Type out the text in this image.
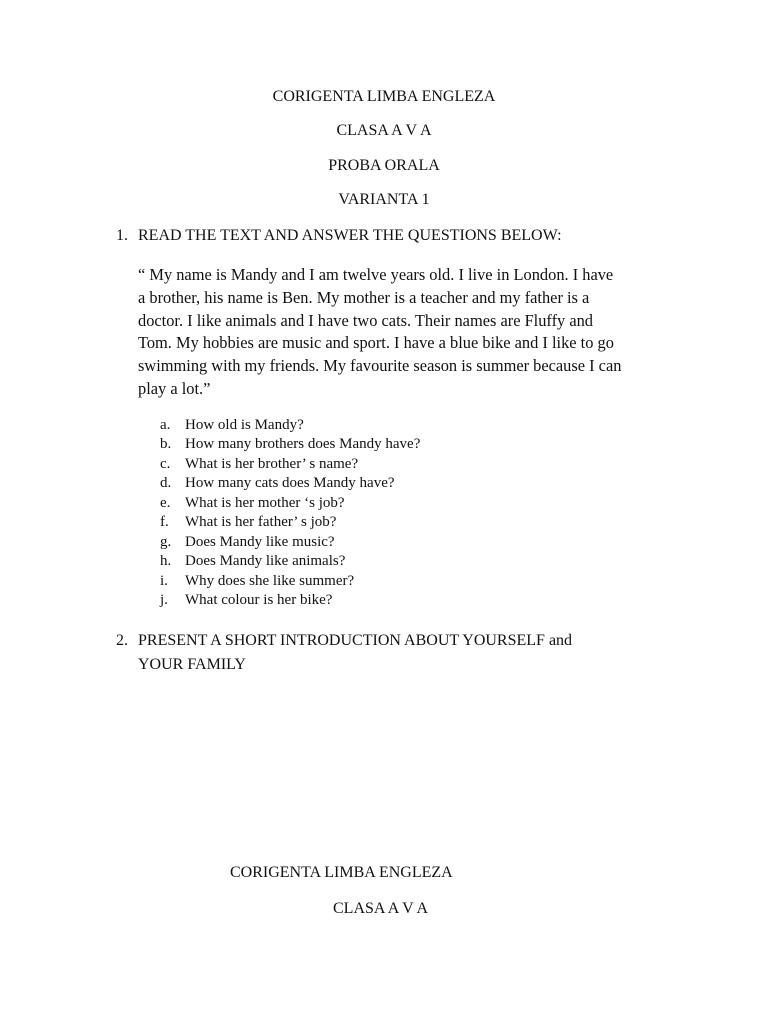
CORIGENTA LIMBA ENGLEZA
CLASA A V A
PROBA ORALA
VARIANTA 1
1. READ THE TEXT AND ANSWER THE QUESTIONS BELOW:
“ My name is Mandy and I am twelve years old. I live in London. I have
a brother, his name is Ben. My mother is a teacher and my father is a
doctor. I like animals and I have two cats. Their names are Fluffy and
Tom. My hobbies are music and sport. I have a blue bike and I like to go
swimming with my friends. My favourite season is summer because I can
play a lot.”
a. How old is Mandy?
b. How many brothers does Mandy have?
c. What is her brother’ s name?
d. How many cats does Mandy have?
e. What is her mother ‘s job?
f.	What is her father’ s job?
g. Does Mandy like music?
h. Does Mandy like animals?
i.	Why does she like summer?
j.	What colour is her bike?
2. PRESENT A SHORT INTRODUCTION ABOUT YOURSELF and
YOUR FAMILY
CORIGENTA LIMBA ENGLEZA
CLASA A V A
